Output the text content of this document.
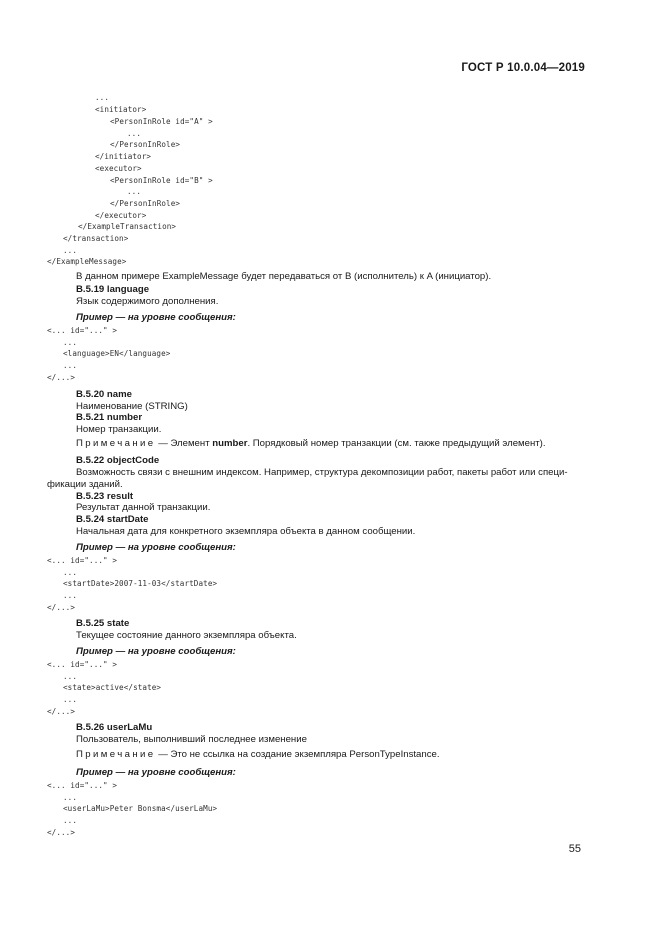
ГОСТ Р 10.0.04—2019
...
<initiator>
<PersonInRole id="A" >
...
</PersonInRole>
</initiator>
<executor>
<PersonInRole id="B" >
...
</PersonInRole>
</executor>
</ExampleTransaction>
</transaction>
...
</ExampleMessage>
В данном примере ExampleMessage будет передаваться от B (исполнитель) к A (инициатор).
B.5.19 language
Язык содержимого дополнения.
Пример — на уровне сообщения:
<... id="..." >
...
<language>EN</language>
...
</...>
B.5.20 name
Наименование (STRING)
B.5.21 number
Номер транзакции.
Примечание — Элемент number. Порядковый номер транзакции (см. также предыдущий элемент).
B.5.22 objectCode
Возможность связи с внешним индексом. Например, структура декомпозиции работ, пакеты работ или специ-
фикации зданий.
B.5.23 result
Результат данной транзакции.
B.5.24 startDate
Начальная дата для конкретного экземпляра объекта в данном сообщении.
Пример — на уровне сообщения:
<... id="..." >
...
<startDate>2007-11-03</startDate>
...
</...>
B.5.25 state
Текущее состояние данного экземпляра объекта.
Пример — на уровне сообщения:
<... id="..." >
...
<state>active</state>
...
</...>
B.5.26 userLaMu
Пользователь, выполнивший последнее изменение
Примечание — Это не ссылка на создание экземпляра PersonTypeInstance.
Пример — на уровне сообщения:
<... id="..." >
...
<userLaMu>Peter Bonsma</userLaMu>
...
</...>
55
